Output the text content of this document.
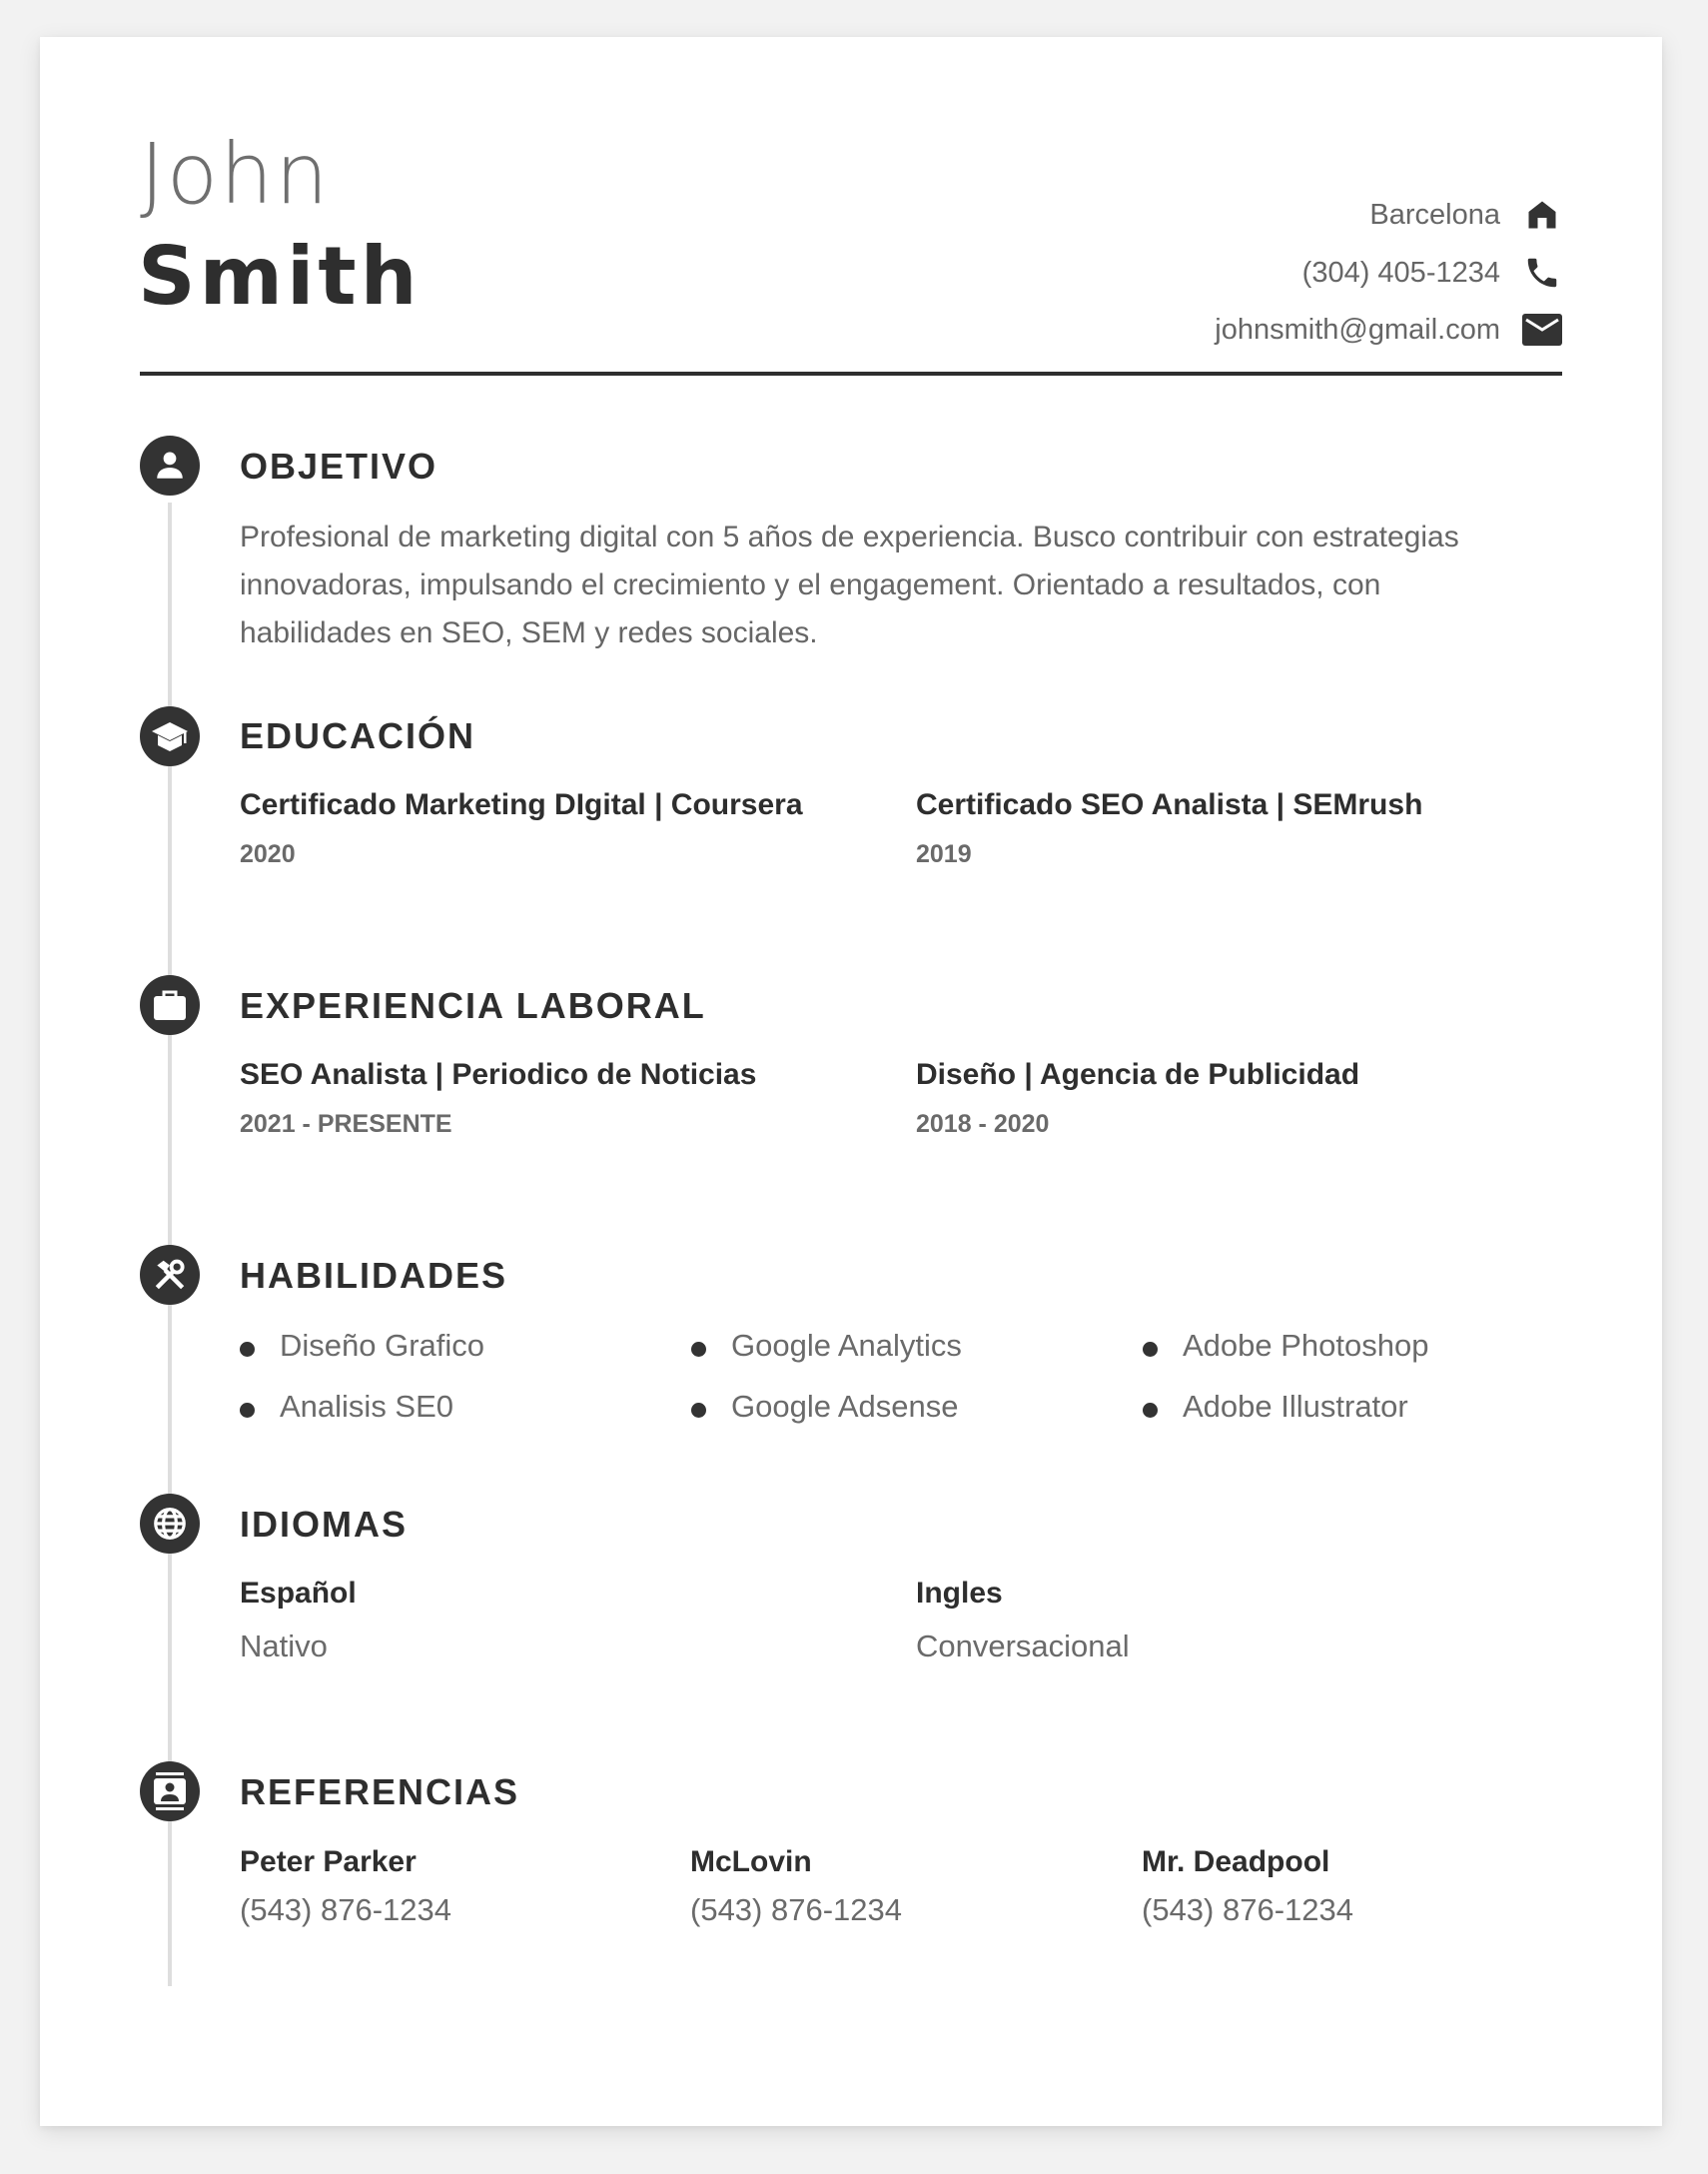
John
Smith
Barcelona
(304) 405-1234
johnsmith@gmail.com
OBJETIVO
Profesional de marketing digital con 5 años de experiencia. Busco contribuir con estrategias
innovadoras, impulsando el crecimiento y el engagement. Orientado a resultados, con
habilidades en SEO, SEM y redes sociales.
EDUCACIÓN
Certificado Marketing DIgital | Coursera
2020
Certificado SEO Analista | SEMrush
2019
EXPERIENCIA LABORAL
SEO Analista | Periodico de Noticias
2021 - PRESENTE
Diseño | Agencia de Publicidad
2018 - 2020
HABILIDADES
Diseño Grafico	Google Analytics	Adobe Photoshop
Analisis SE0	Google Adsense	Adobe Illustrator
IDIOMAS
Español
Nativo
Ingles
Conversacional
REFERENCIAS
Peter Parker
(543) 876-1234
McLovin
(543) 876-1234
Mr. Deadpool
(543) 876-1234
